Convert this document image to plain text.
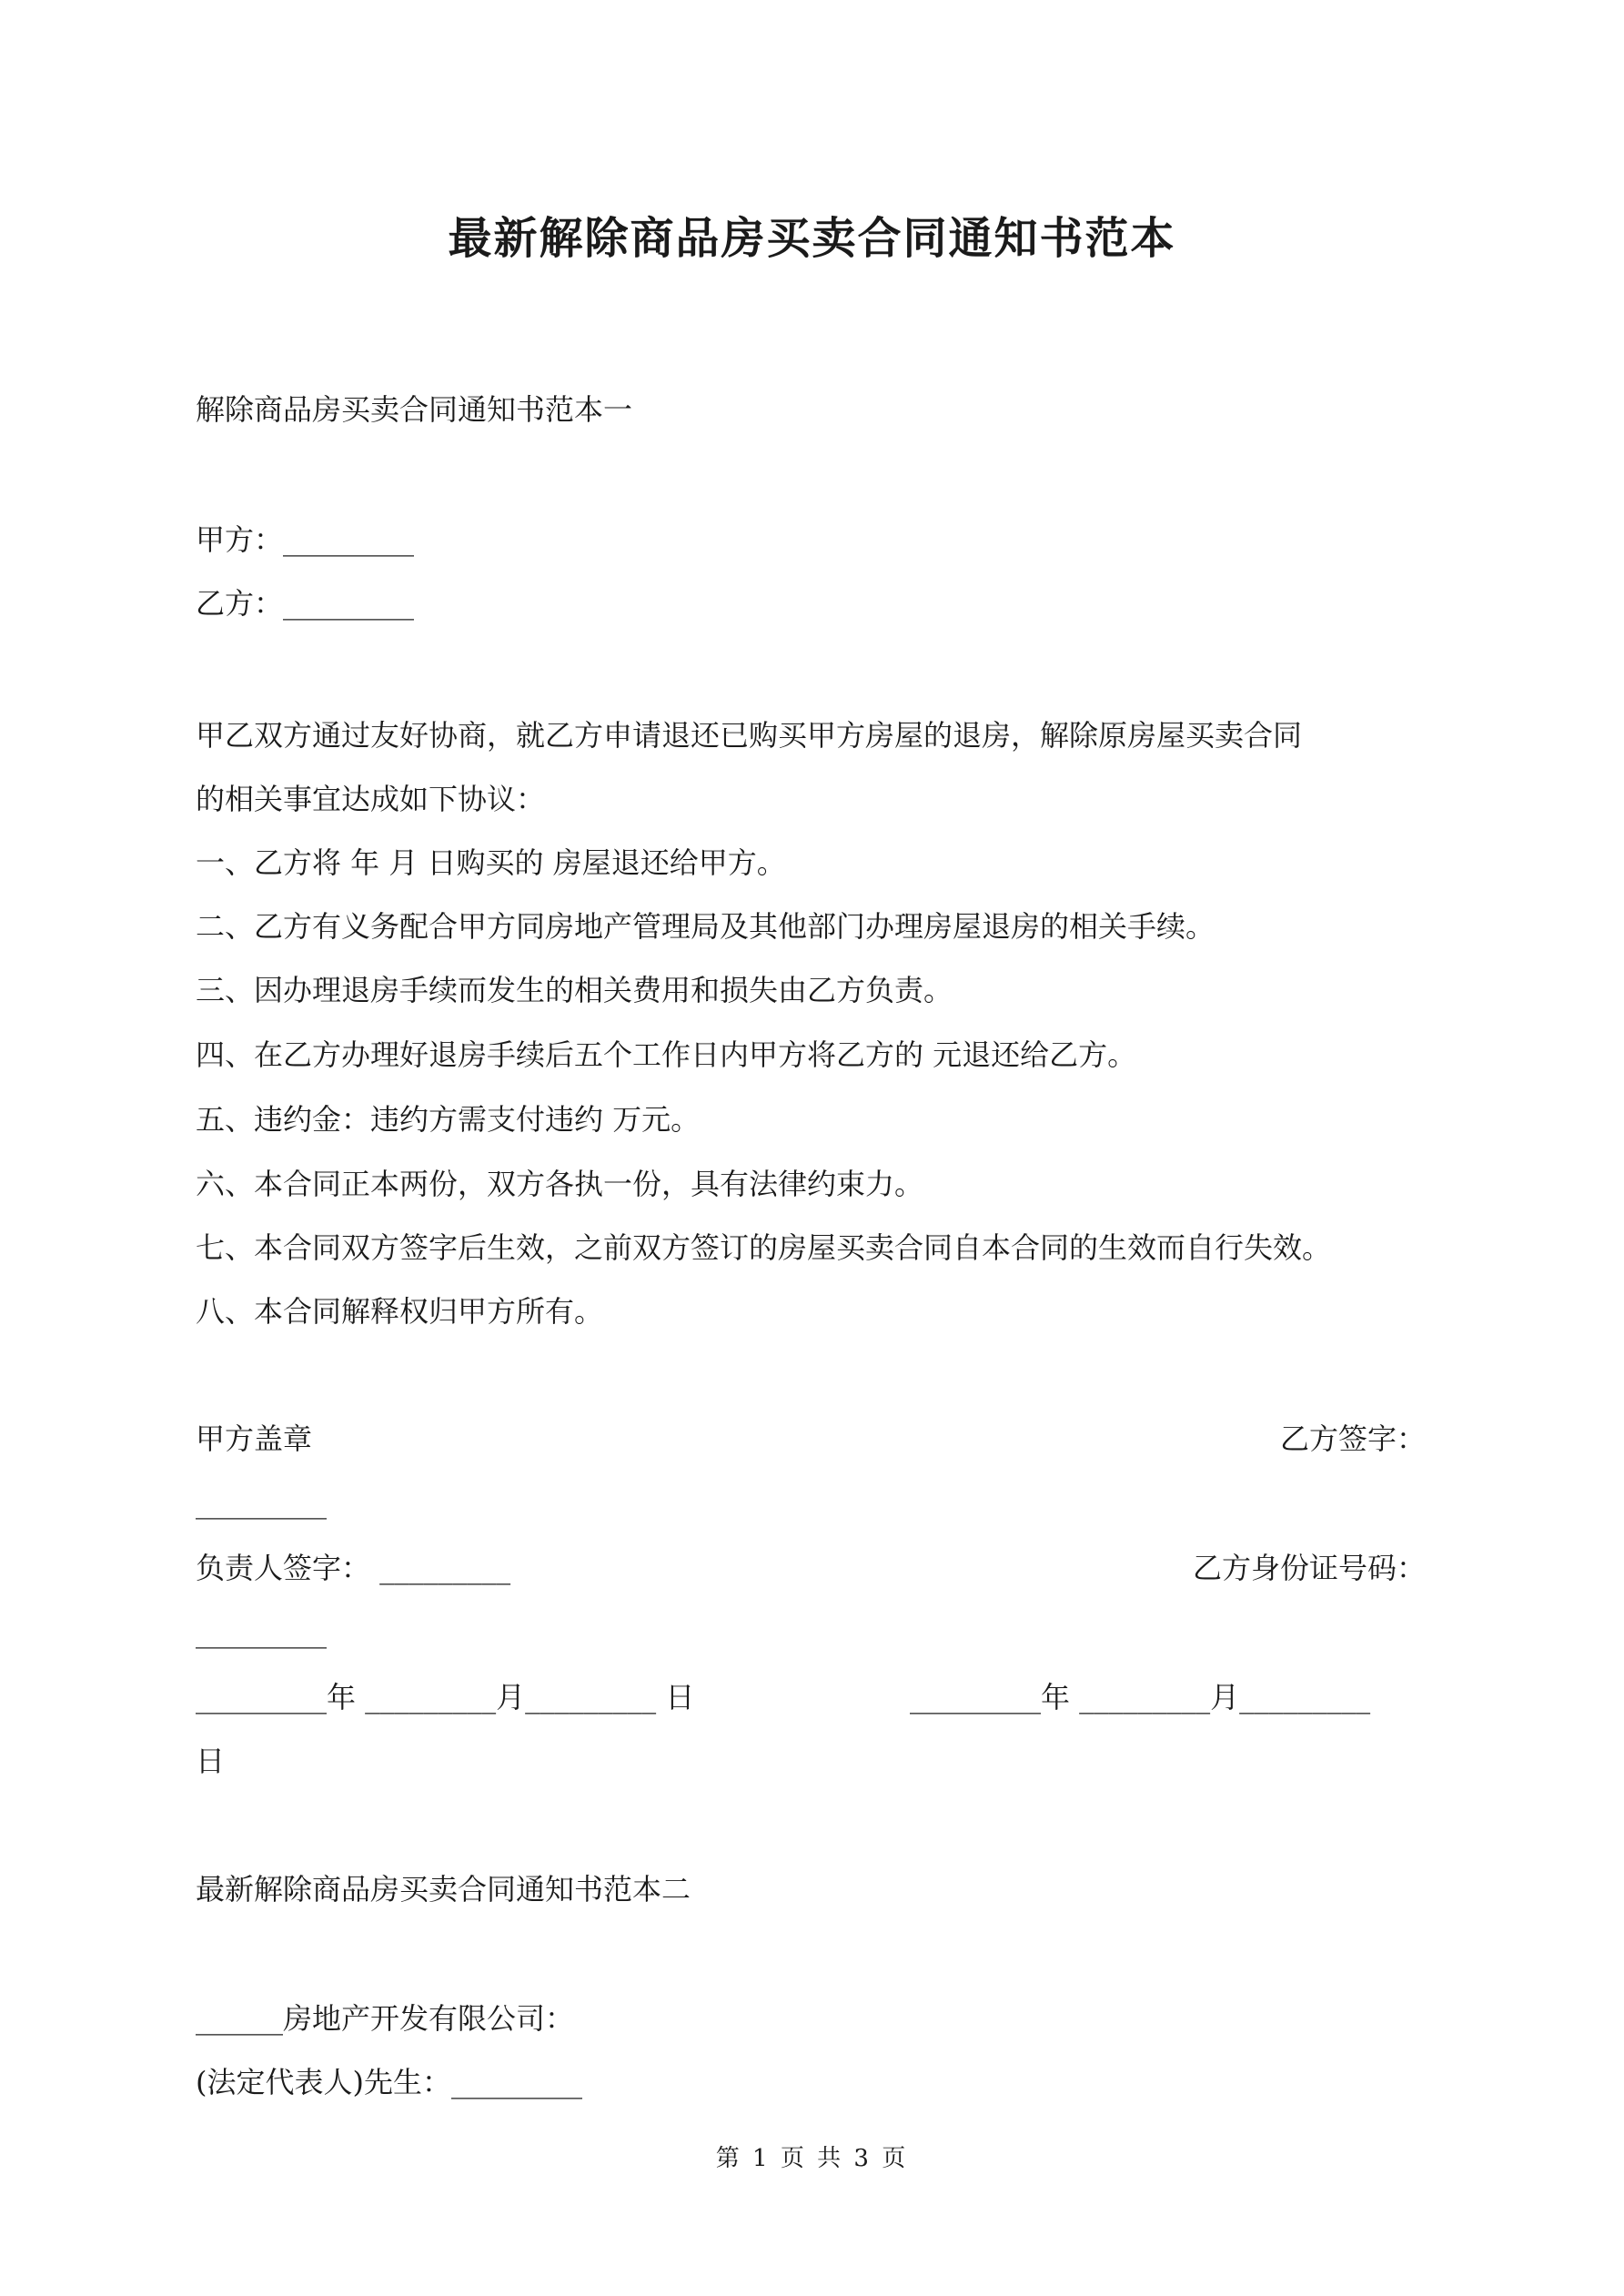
最新解除商品房买卖合同通知书范本
解除商品房买卖合同通知书范本一
甲方：_________
乙方：_________
甲乙双方通过友好协商，就乙方申请退还已购买甲方房屋的退房，解除原房屋买卖合同
的相关事宜达成如下协议：
一、乙方将 年 月 日购买的 房屋退还给甲方。
二、乙方有义务配合甲方同房地产管理局及其他部门办理房屋退房的相关手续。
三、因办理退房手续而发生的相关费用和损失由乙方负责。
四、在乙方办理好退房手续后五个工作日内甲方将乙方的 元退还给乙方。
五、违约金：违约方需支付违约 万元。
六、本合同正本两份，双方各执一份，具有法律约束力。
七、本合同双方签字后生效，之前双方签订的房屋买卖合同自本合同的生效而自行失效。
八、本合同解释权归甲方所有。
甲方盖章	乙方签字：
_________
负责人签字： _________	乙方身份证号码：
_________
_________年 _________月_________ 日	_________年 _________月_________
日
最新解除商品房买卖合同通知书范本二
______房地产开发有限公司：
(法定代表人)先生：_________
第 1 页 共 3 页
